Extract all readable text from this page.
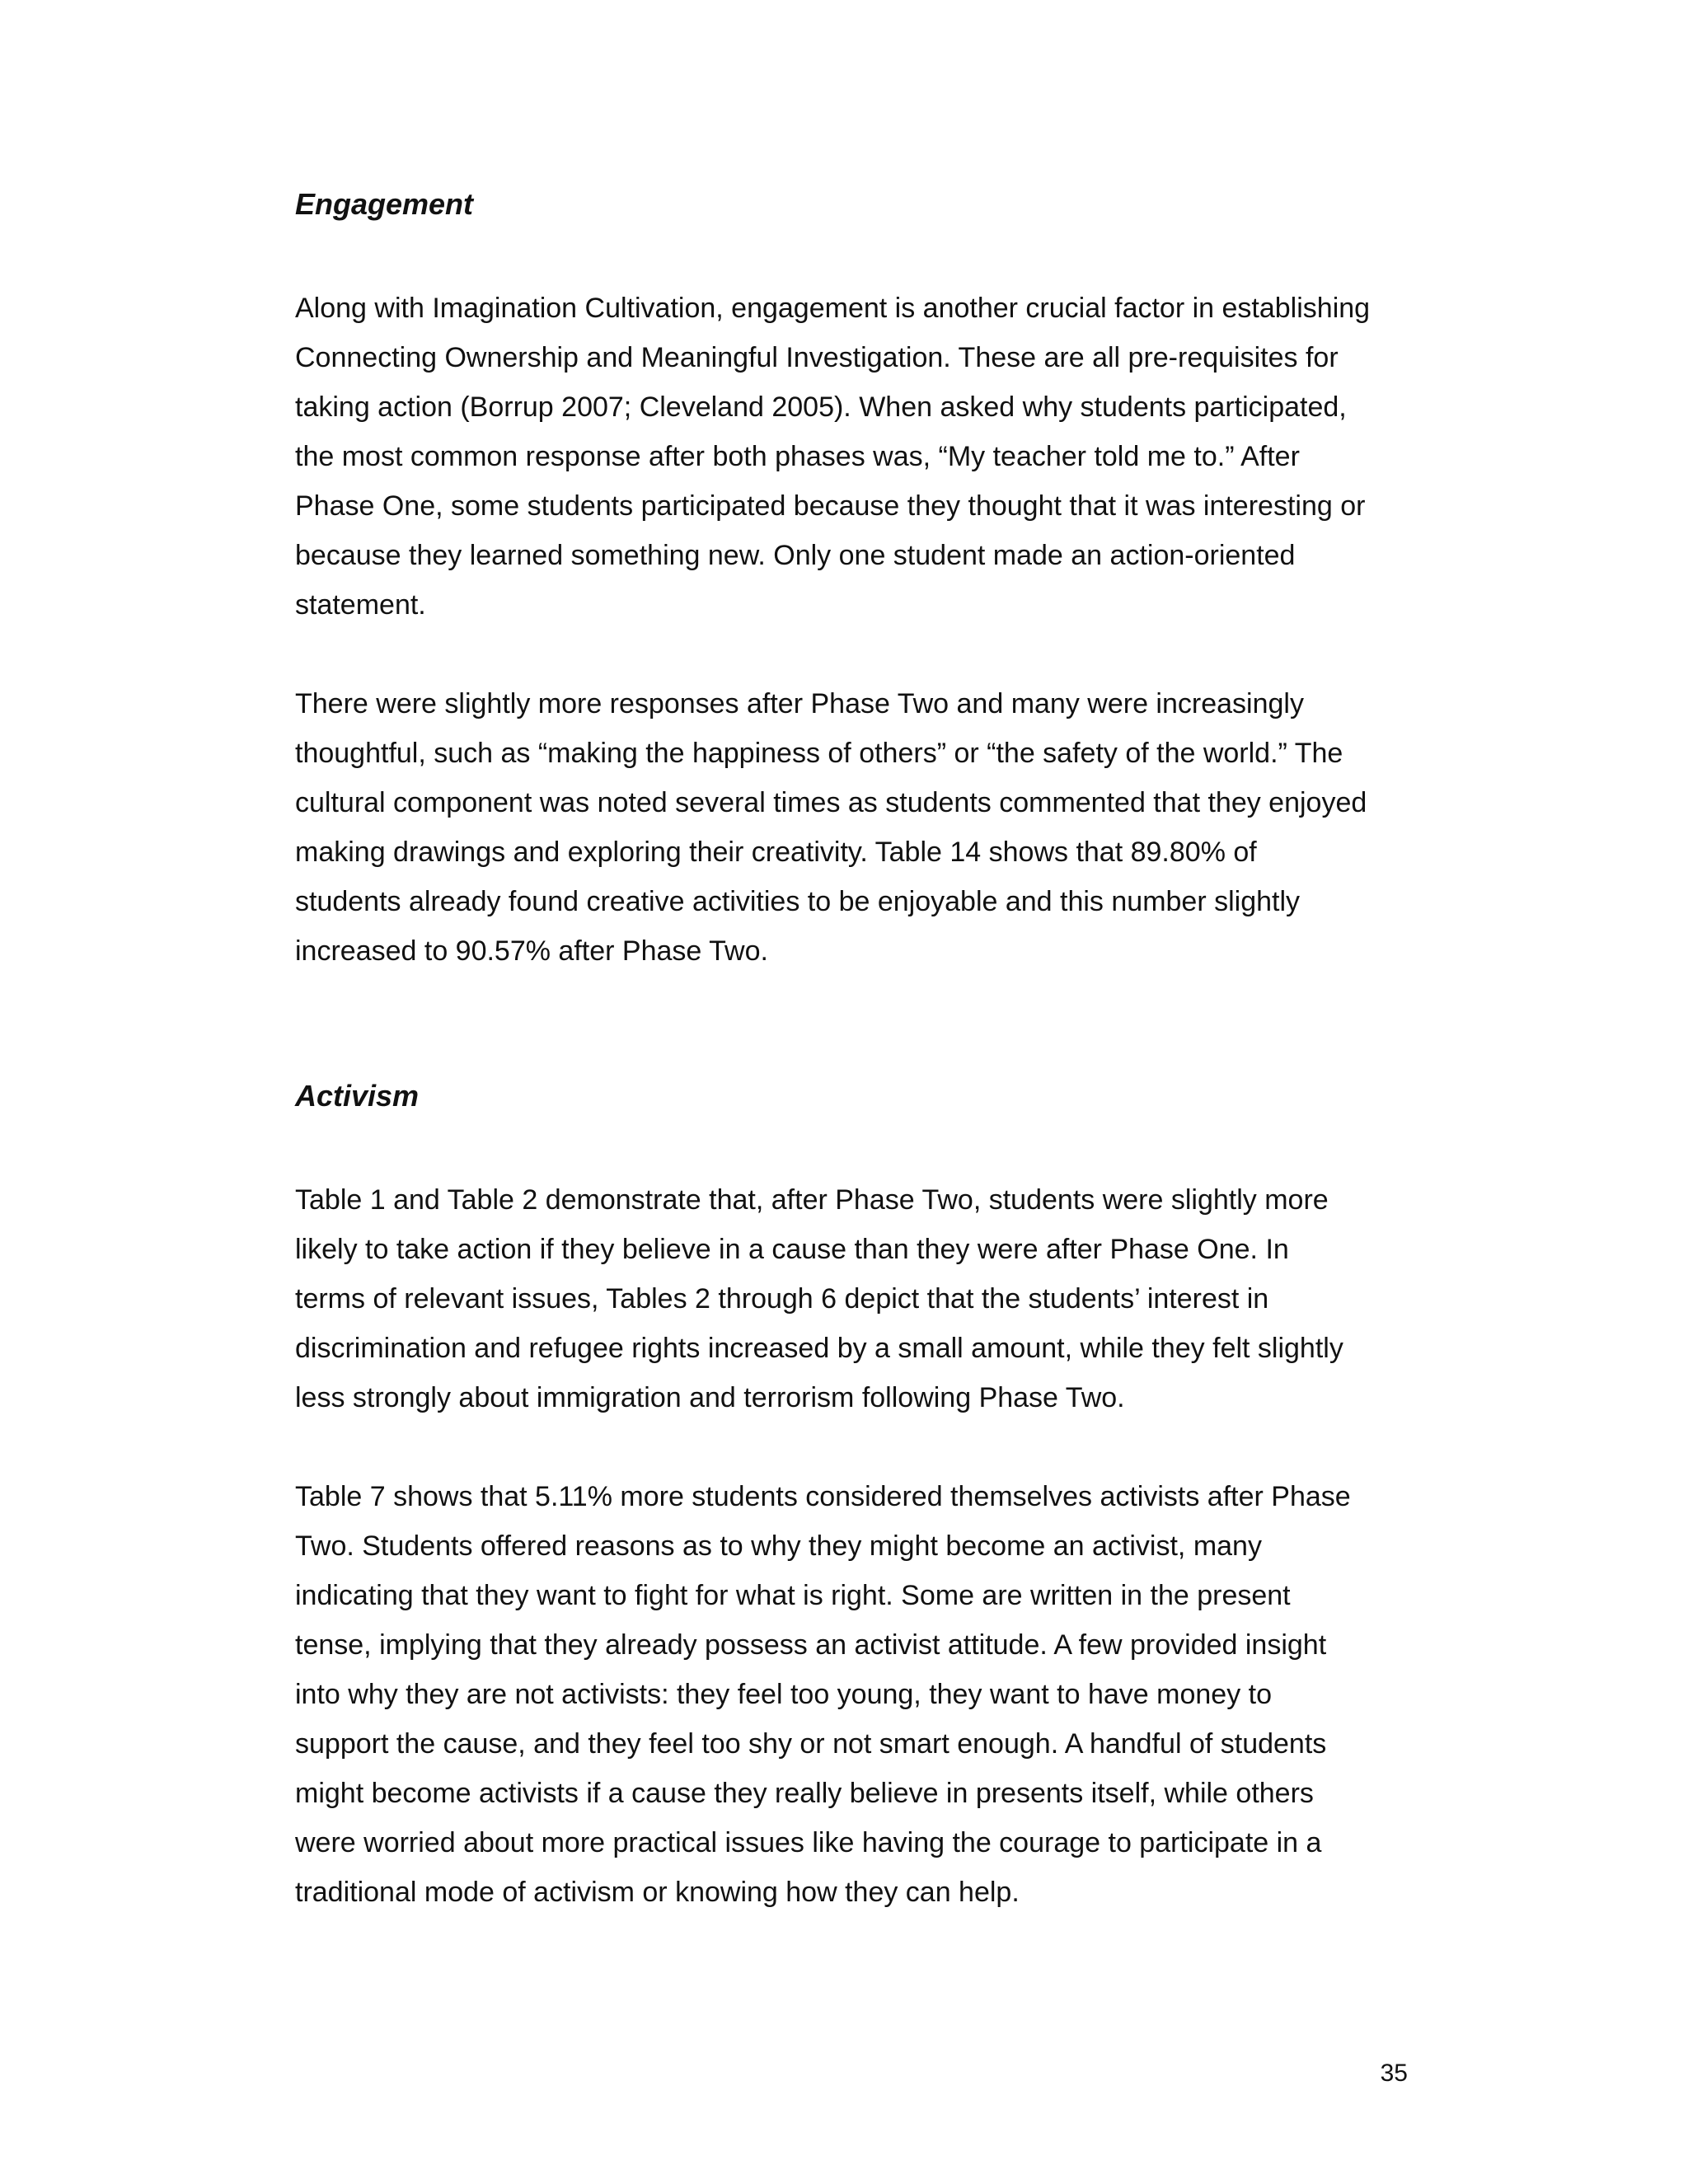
Engagement

Along with Imagination Cultivation, engagement is another crucial factor in establishing
Connecting Ownership and Meaningful Investigation. These are all pre-requisites for
taking action (Borrup 2007; Cleveland 2005). When asked why students participated,
the most common response after both phases was, “My teacher told me to.” After
Phase One, some students participated because they thought that it was interesting or
because they learned something new. Only one student made an action-oriented
statement.

There were slightly more responses after Phase Two and many were increasingly
thoughtful, such as “making the happiness of others” or “the safety of the world.” The
cultural component was noted several times as students commented that they enjoyed
making drawings and exploring their creativity. Table 14 shows that 89.80% of
students already found creative activities to be enjoyable and this number slightly
increased to 90.57% after Phase Two.

Activism

Table 1 and Table 2 demonstrate that, after Phase Two, students were slightly more
likely to take action if they believe in a cause than they were after Phase One. In
terms of relevant issues, Tables 2 through 6 depict that the students’ interest in
discrimination and refugee rights increased by a small amount, while they felt slightly
less strongly about immigration and terrorism following Phase Two.

Table 7 shows that 5.11% more students considered themselves activists after Phase
Two. Students offered reasons as to why they might become an activist, many
indicating that they want to fight for what is right. Some are written in the present
tense, implying that they already possess an activist attitude. A few provided insight
into why they are not activists: they feel too young, they want to have money to
support the cause, and they feel too shy or not smart enough. A handful of students
might become activists if a cause they really believe in presents itself, while others
were worried about more practical issues like having the courage to participate in a
traditional mode of activism or knowing how they can help.

35
